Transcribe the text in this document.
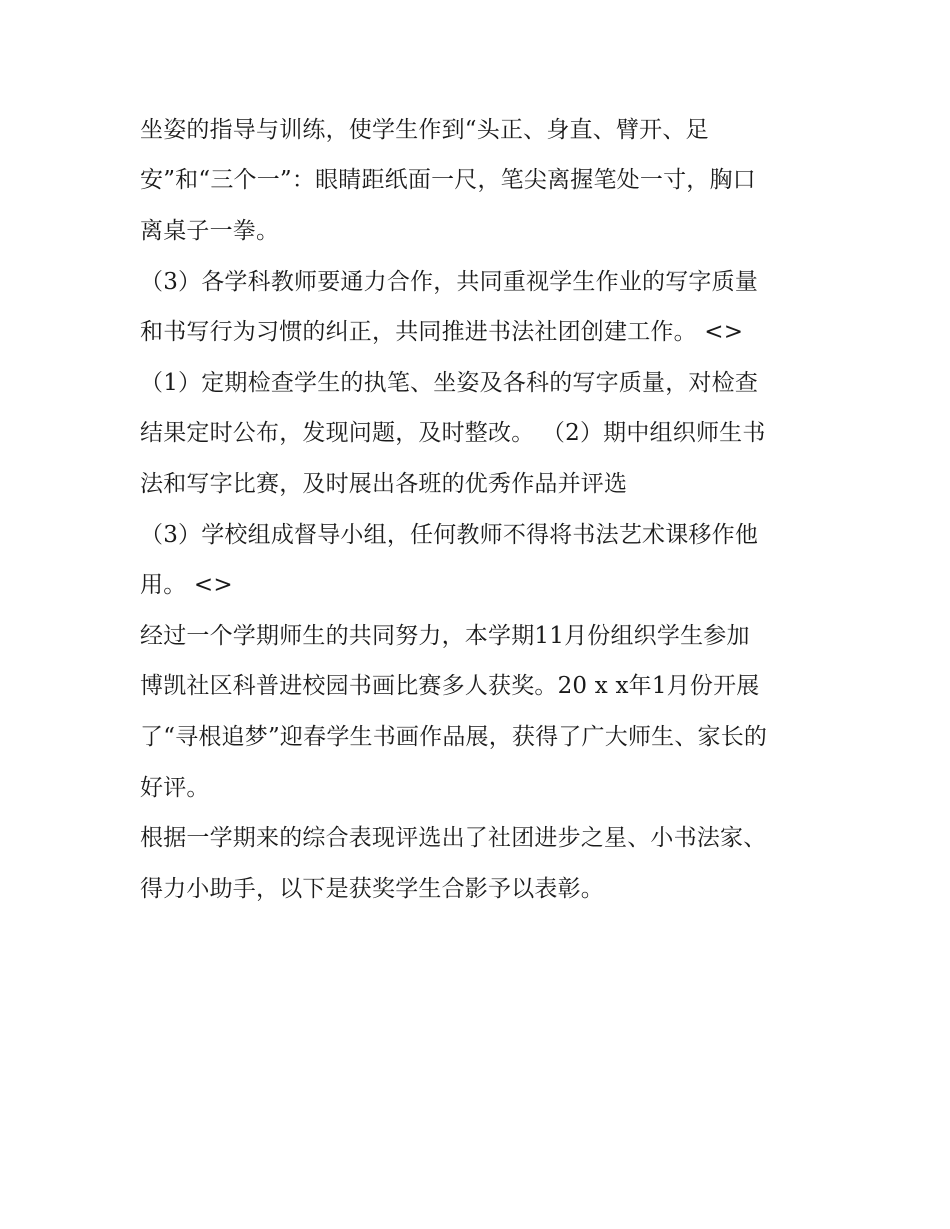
坐姿的指导与训练，使学生作到“头正、身直、臂开、足
安”和“三个一”：眼睛距纸面一尺，笔尖离握笔处一寸，胸口
离桌子一拳。
（3）各学科教师要通力合作，共同重视学生作业的写字质量
和书写行为习惯的纠正，共同推进书法社团创建工作。 <>
（1）定期检查学生的执笔、坐姿及各科的写字质量，对检查
结果定时公布，发现问题，及时整改。 （2）期中组织师生书
法和写字比赛，及时展出各班的优秀作品并评选
（3）学校组成督导小组，任何教师不得将书法艺术课移作他
用。 <>
经过一个学期师生的共同努力，本学期11月份组织学生参加
博凯社区科普进校园书画比赛多人获奖。20 x x年1月份开展
了“寻根追梦”迎春学生书画作品展，获得了广大师生、家长的
好评。
根据一学期来的综合表现评选出了社团进步之星、小书法家、
得力小助手，以下是获奖学生合影予以表彰。
